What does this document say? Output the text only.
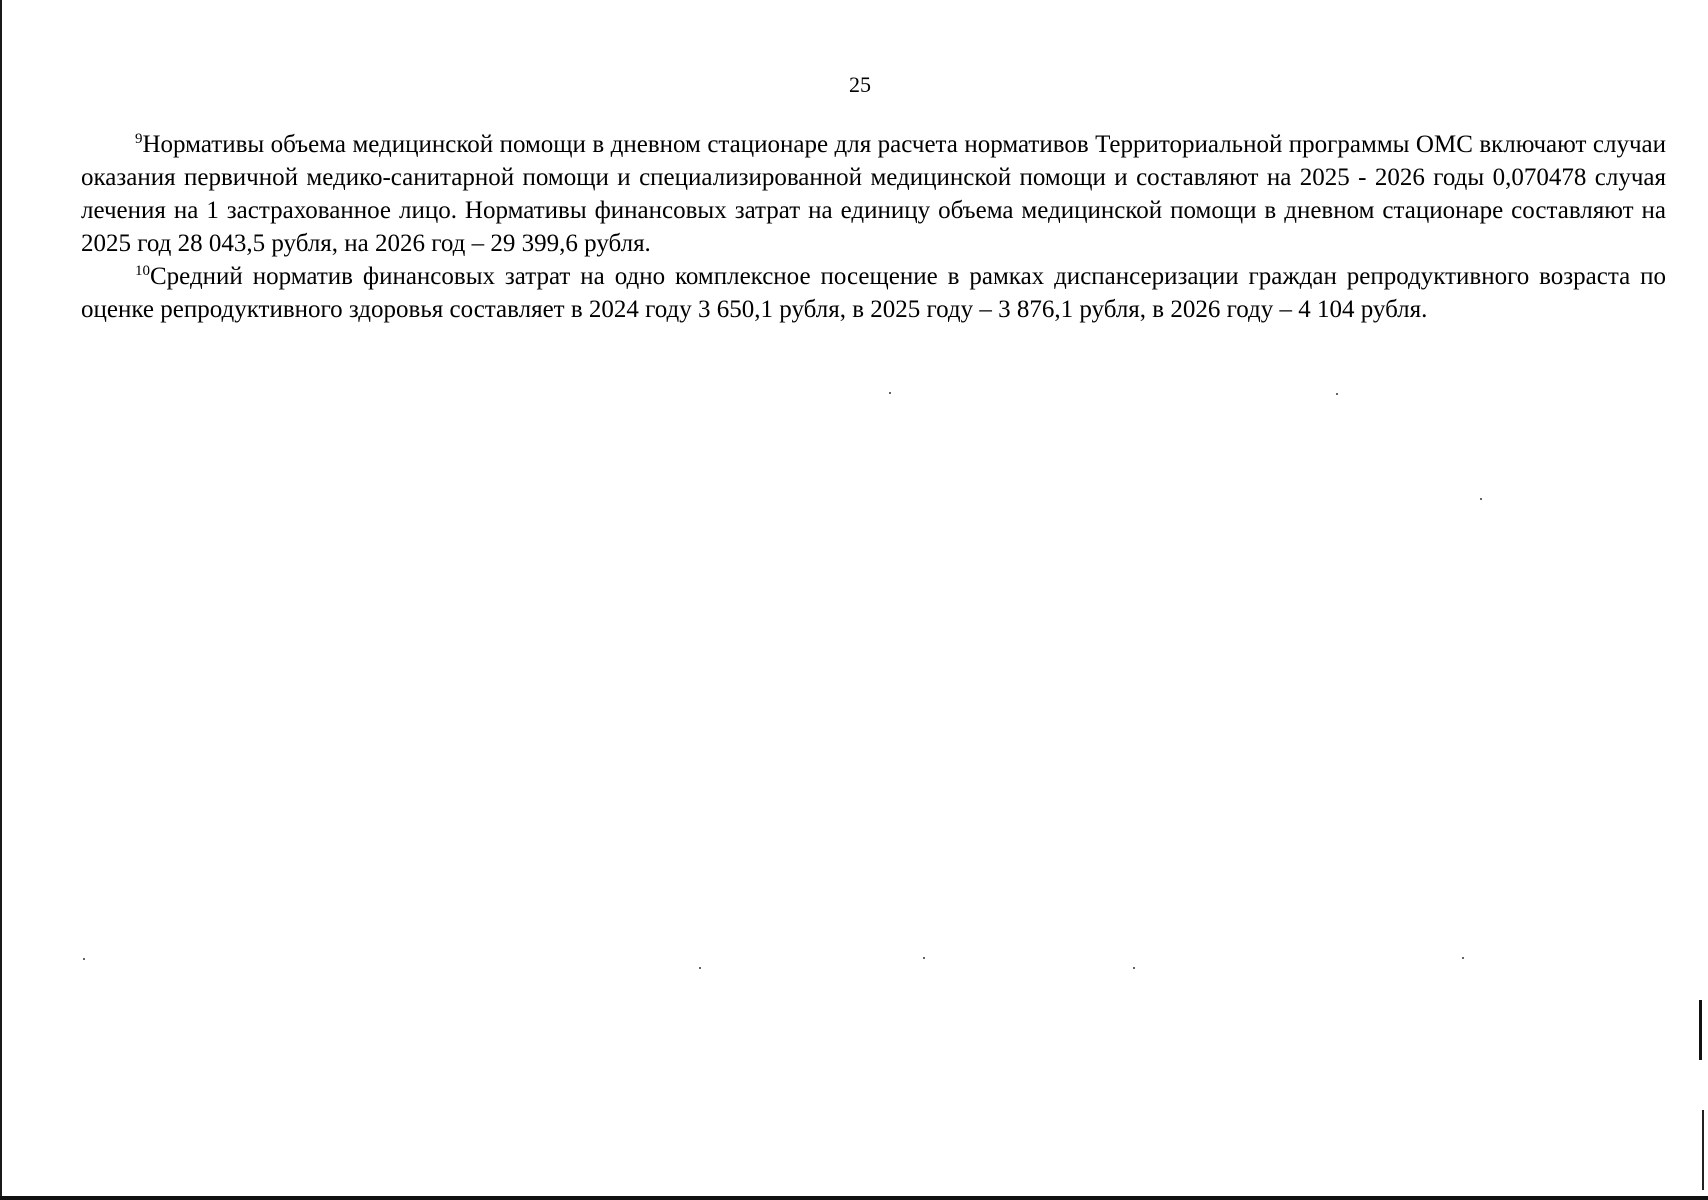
25

$^9$Нормативы объема медицинской помощи в дневном стационаре для расчета нормативов Территориальной программы ОМС включают случаи оказания первичной медико-санитарной помощи и специализированной медицинской помощи и составляют на 2025 - 2026 годы 0,070478 случая лечения на 1 застрахованное лицо. Нормативы финансовых затрат на единицу объема медицинской помощи в дневном стационаре составляют на 2025 год 28 043,5 рубля, на 2026 год – 29 399,6 рубля.

$^{10}$Средний норматив финансовых затрат на одно комплексное посещение в рамках диспансеризации граждан репродуктивного возраста по оценке репродуктивного здоровья составляет в 2024 году 3 650,1 рубля, в 2025 году – 3 876,1 рубля, в 2026 году – 4 104 рубля.
